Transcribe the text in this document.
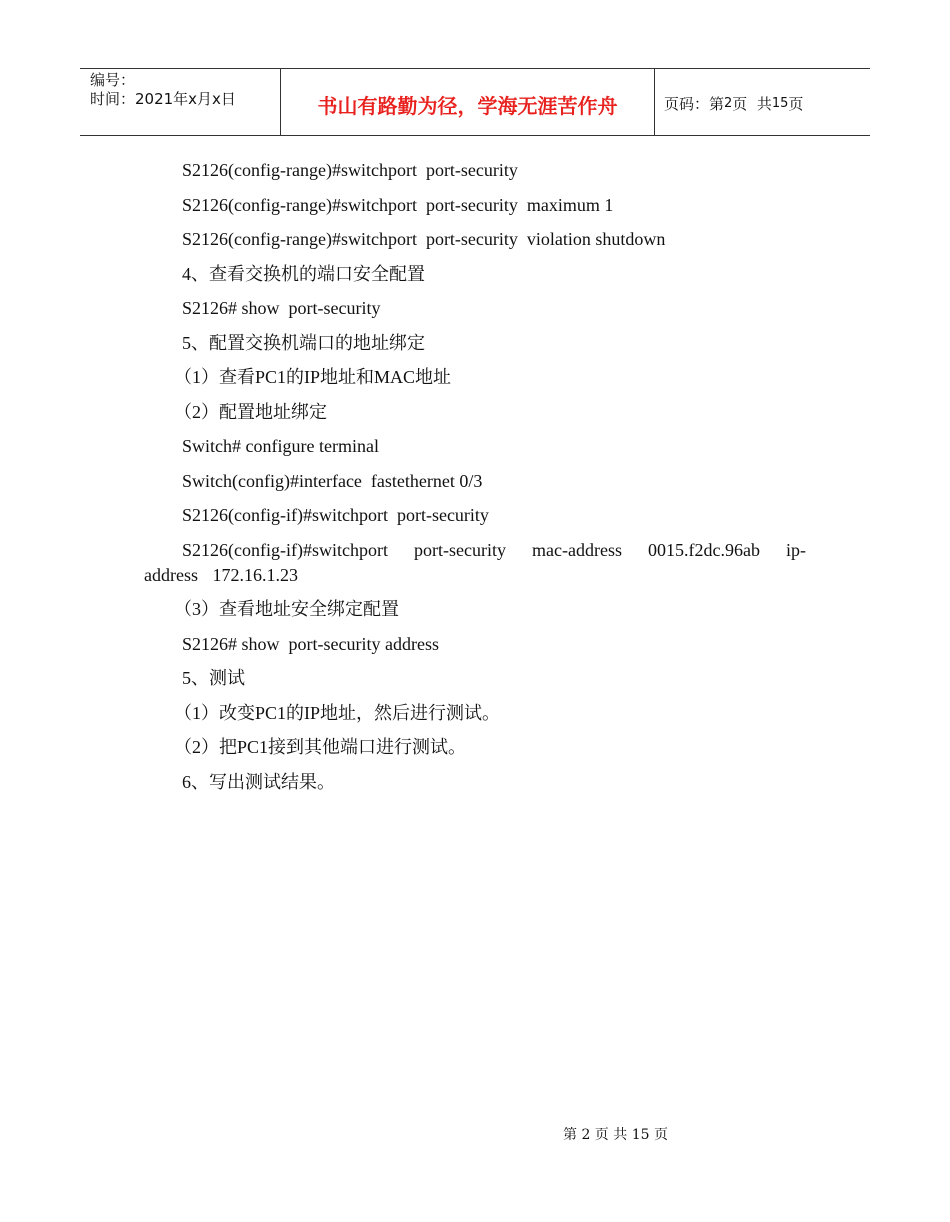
编号：
时间：2021年x月x日	书山有路勤为径，学海无涯苦作舟	页码：第 2 页  共 15 页
S2126(config-range)#switchport  port-security
S2126(config-range)#switchport  port-security  maximum 1
S2126(config-range)#switchport  port-security  violation shutdown
4、查看交换机的端口安全配置
S2126# show  port-security
5、配置交换机端口的地址绑定
（1）查看PC1的IP地址和MAC地址
（2）配置地址绑定
Switch# configure terminal
Switch(config)#interface  fastethernet 0/3
S2126(config-if)#switchport  port-security
S2126(config-if)#switchport port-security mac-address 0015.f2dc.96ab ip-address 172.16.1.23
（3）查看地址安全绑定配置
S2126# show  port-security address
5、测试
（1）改变PC1的IP地址，然后进行测试。
（2）把PC1接到其他端口进行测试。
6、写出测试结果。
第 2 页 共 15 页
